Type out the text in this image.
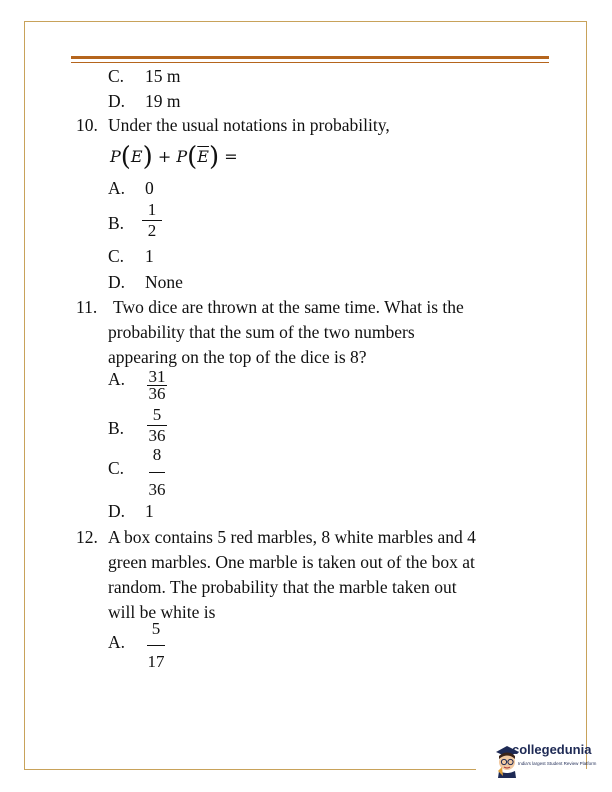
C. 15 m
D. 19 m
10. Under the usual notations in probability,
$P(E) + P(\overline{E})$ =
A. 0
B.
1
2
C. 1
D. None
11. Two dice are thrown at the same time. What is the
probability that the sum of the two numbers
appearing on the top of the dice is 8?
A.	31
36
B.
5
36
C.
8
36
D. 1
12. A box contains 5 red marbles, 8 white marbles and 4
green marbles. One marble is taken out of the box at
random. The probability that the marble taken out
will be white is
A.
5
17
collegedunia
India's largest Student Review Platform
